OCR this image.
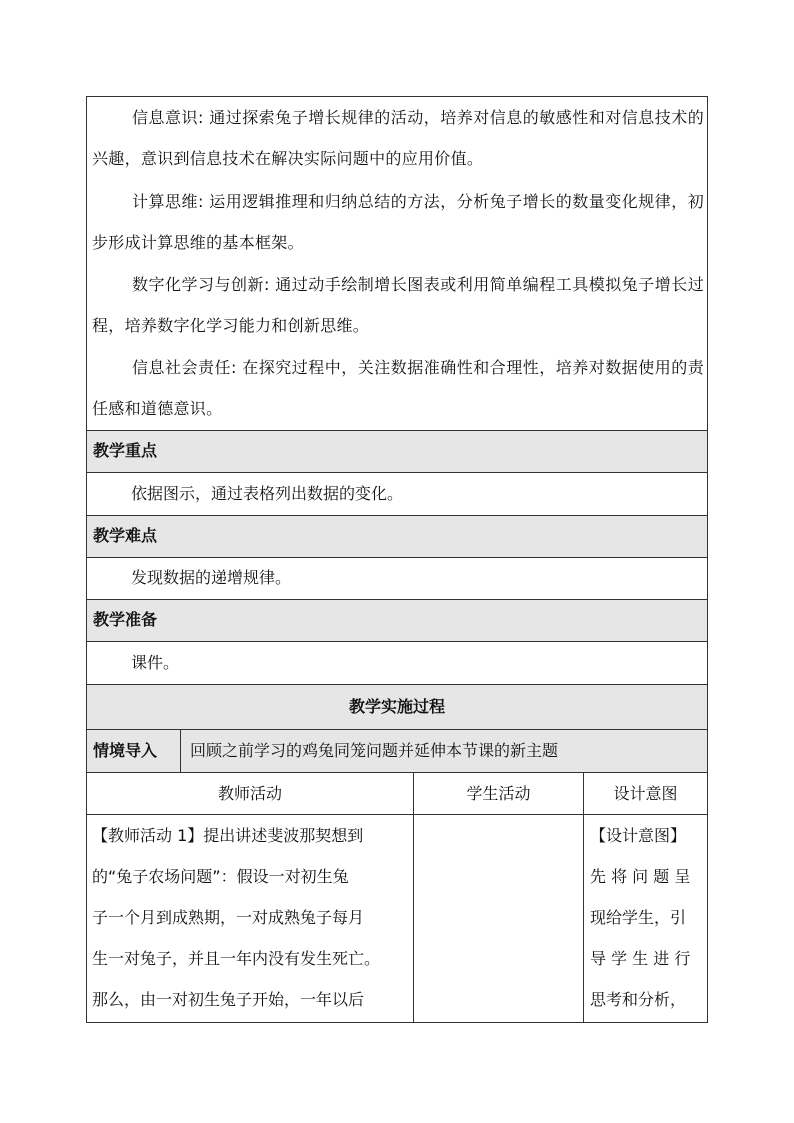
信息意识: 通过探索兔子增长规律的活动，培养对信息的敏感性和对信息技术的兴趣，意识到信息技术在解决实际问题中的应用价值。

计算思维: 运用逻辑推理和归纳总结的方法，分析兔子增长的数量变化规律，初步形成计算思维的基本框架。

数字化学习与创新: 通过动手绘制增长图表或利用简单编程工具模拟兔子增长过程，培养数字化学习能力和创新思维。

信息社会责任: 在探究过程中，关注数据准确性和合理性，培养对数据使用的责任感和道德意识。

教学重点
依据图示，通过表格列出数据的变化。
教学难点
发现数据的递增规律。
教学准备
课件。
教学实施过程
情境导入 回顾之前学习的鸡兔同笼问题并延伸本节课的新主题
教师活动	学生活动	设计意图
【教师活动 1】提出讲述斐波那契想到
的“兔子农场问题”：假设一对初生兔
子一个月到成熟期，一对成熟兔子每月
生一对兔子，并且一年内没有发生死亡。
那么，由一对初生兔子开始，一年以后
【设计意图】
先 将 问 题 呈
现给学生，引
导 学 生 进 行
思考和分析，
